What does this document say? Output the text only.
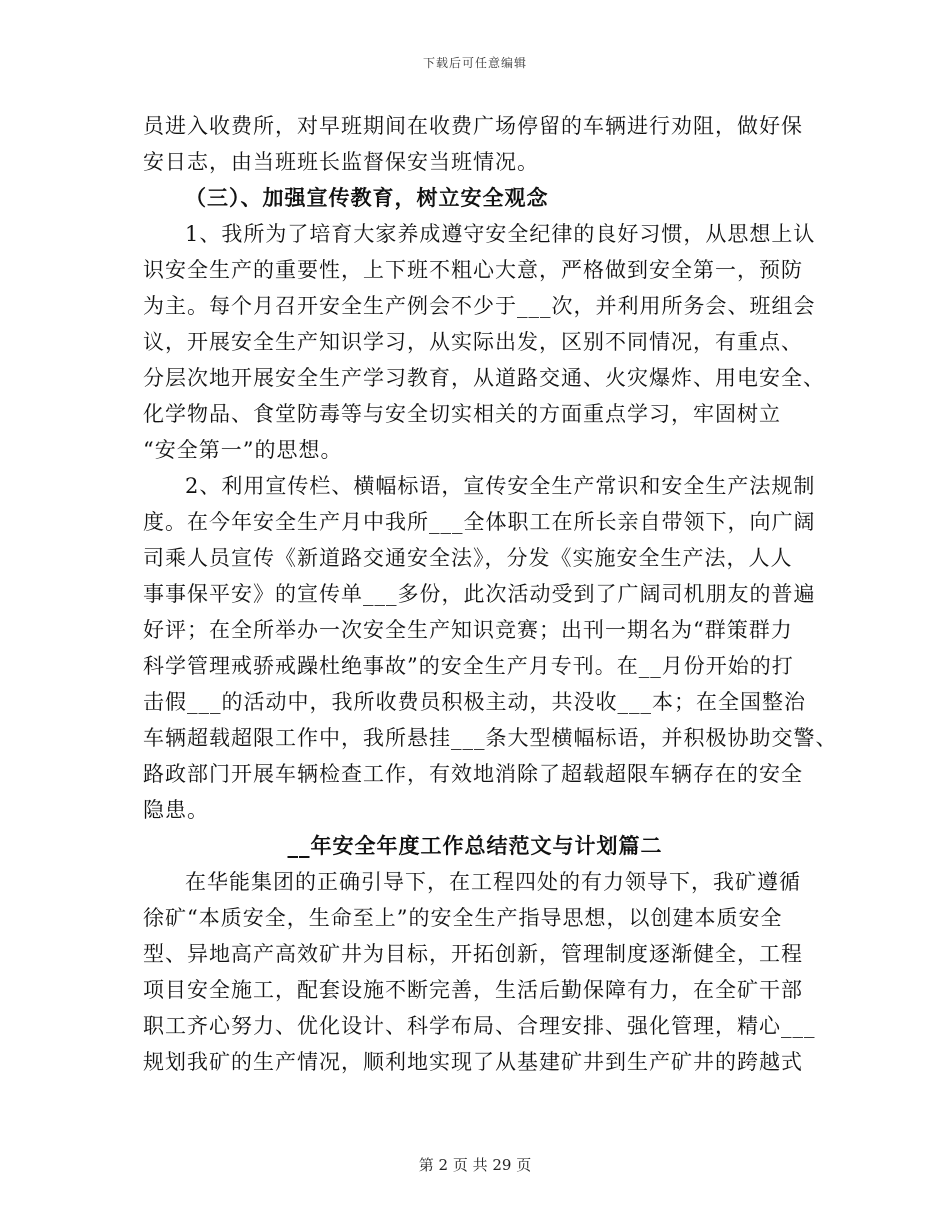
下载后可任意编辑
员进入收费所，对早班期间在收费广场停留的车辆进行劝阻，做好保
安日志，由当班班长监督保安当班情况。
（三）、加强宣传教育，树立安全观念
1、我所为了培育大家养成遵守安全纪律的良好习惯，从思想上认
识安全生产的重要性，上下班不粗心大意，严格做到安全第一，预防
为主。每个月召开安全生产例会不少于___次，并利用所务会、班组会
议，开展安全生产知识学习，从实际出发，区别不同情况，有重点、
分层次地开展安全生产学习教育，从道路交通、火灾爆炸、用电安全、
化学物品、食堂防毒等与安全切实相关的方面重点学习，牢固树立
“安全第一”的思想。
2、利用宣传栏、横幅标语，宣传安全生产常识和安全生产法规制
度。在今年安全生产月中我所___全体职工在所长亲自带领下，向广阔
司乘人员宣传《新道路交通安全法》，分发《实施安全生产法，人人
事事保平安》的宣传单___多份，此次活动受到了广阔司机朋友的普遍
好评；在全所举办一次安全生产知识竞赛；出刊一期名为“群策群力
科学管理戒骄戒躁杜绝事故”的安全生产月专刊。在__月份开始的打
击假___的活动中，我所收费员积极主动，共没收___本；在全国整治
车辆超载超限工作中，我所悬挂___条大型横幅标语，并积极协助交警、
路政部门开展车辆检查工作，有效地消除了超载超限车辆存在的安全
隐患。
__年安全年度工作总结范文与计划篇二
在华能集团的正确引导下，在工程四处的有力领导下，我矿遵循
徐矿“本质安全，生命至上”的安全生产指导思想，以创建本质安全
型、异地高产高效矿井为目标，开拓创新，管理制度逐渐健全，工程
项目安全施工，配套设施不断完善，生活后勤保障有力，在全矿干部
职工齐心努力、优化设计、科学布局、合理安排、强化管理，精心___
规划我矿的生产情况，顺利地实现了从基建矿井到生产矿井的跨越式
第 2 页 共 29 页
